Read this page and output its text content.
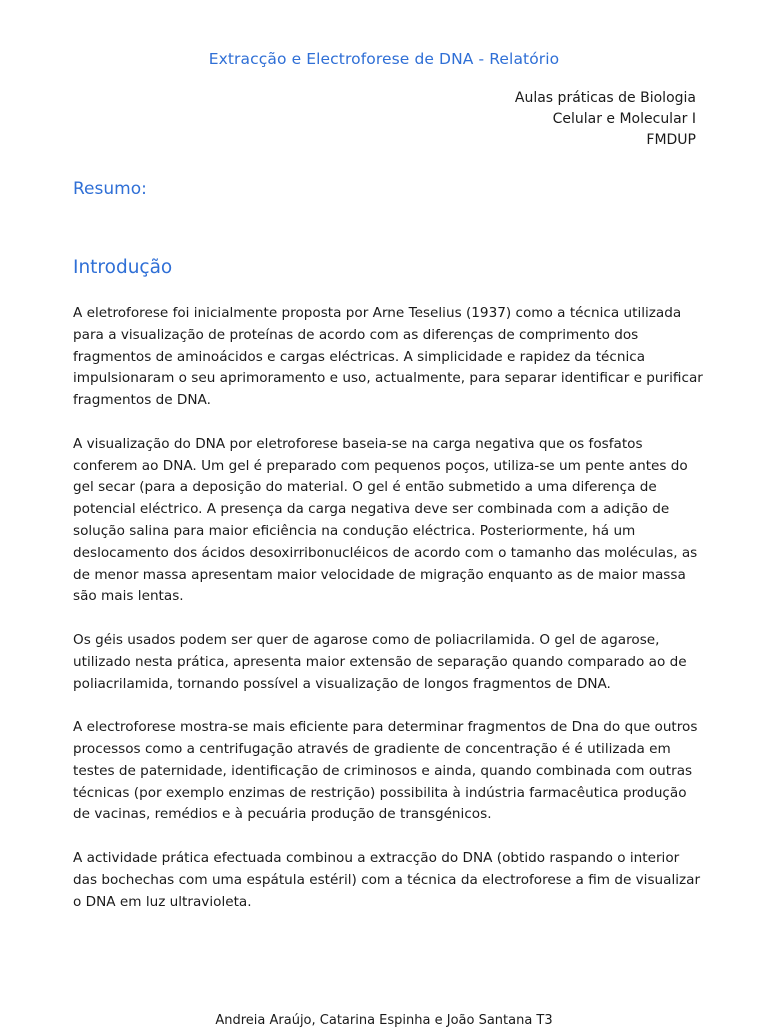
Extracção e Electroforese de DNA - Relatório
Aulas práticas de Biologia
Celular e Molecular I
FMDUP
Resumo:
Introdução

A eletroforese foi inicialmente proposta por Arne Teselius (1937) como a técnica utilizada para a visualização de proteínas de acordo com as diferenças de comprimento dos fragmentos de aminoácidos e cargas eléctricas. A simplicidade e rapidez da técnica impulsionaram o seu aprimoramento e uso, actualmente, para separar identificar e purificar fragmentos de DNA.

A visualização do DNA por eletroforese baseia-se na carga negativa que os fosfatos conferem ao DNA. Um gel é preparado com pequenos poços, utiliza-se um pente antes do gel secar (para a deposição do material. O gel é então submetido a uma diferença de potencial eléctrico. A presença da carga negativa deve ser combinada com a adição de solução salina para maior eficiência na condução eléctrica. Posteriormente, há um deslocamento dos ácidos desoxirribonucléicos de acordo com o tamanho das moléculas, as de menor massa apresentam maior velocidade de migração enquanto as de maior massa são mais lentas.

Os géis usados podem ser quer de agarose como de poliacrilamida. O gel de agarose, utilizado nesta prática, apresenta maior extensão de separação quando comparado ao de poliacrilamida, tornando possível a visualização de longos fragmentos de DNA.

A electroforese mostra-se mais eficiente para determinar fragmentos de Dna do que outros processos como a centrifugação através de gradiente de concentração é é utilizada em testes de paternidade, identificação de criminosos e ainda, quando combinada com outras técnicas (por exemplo enzimas de restrição) possibilita à indústria farmacêutica produção de vacinas, remédios e à pecuária produção de transgénicos.

A actividade prática efectuada combinou a extracção do DNA (obtido raspando o interior das bochechas com uma espátula estéril) com a técnica da electroforese a fim de visualizar o DNA em luz ultravioleta.

Andreia Araújo, Catarina Espinha e João Santana T3
